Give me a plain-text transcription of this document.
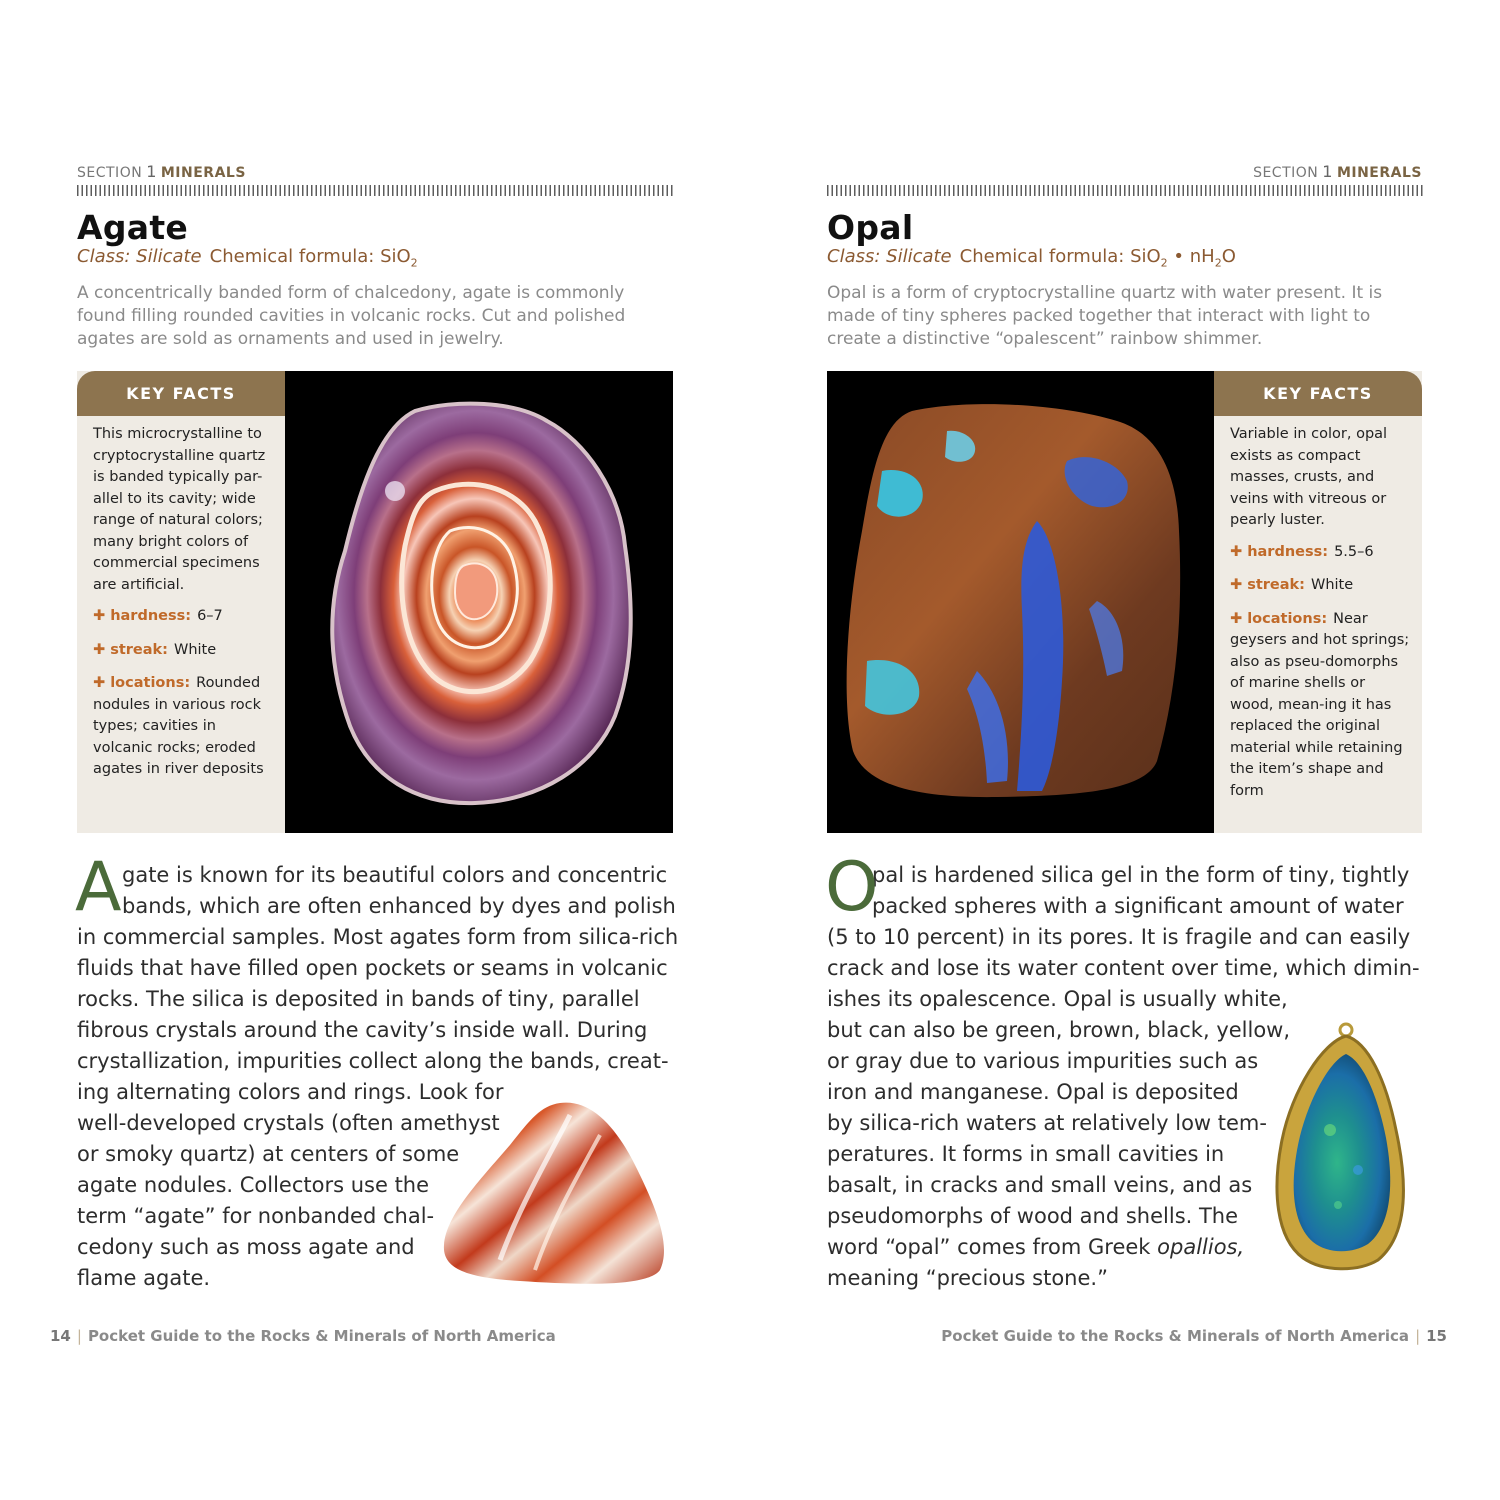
SECTION 1 MINERALS
Agate
Class: Silicate Chemical formula: SiO$_2$
A concentrically banded form of chalcedony, agate is commonly found filling rounded cavities in volcanic rocks. Cut and polished agates are sold as ornaments and used in jewelry.
KEY FACTS

This microcrystalline to cryptocrystalline quartz is banded typically par-allel to its cavity; wide range of natural colors; many bright colors of commercial specimens are artificial.

✚ hardness: 6–7

✚ streak: White

✚ locations: Rounded nodules in various rock types; cavities in volcanic rocks; eroded agates in river deposits

A gate is known for its beautiful colors and concentric
bands, which are often enhanced by dyes and polish
in commercial samples. Most agates form from silica-rich
fluids that have filled open pockets or seams in volcanic
rocks. The silica is deposited in bands of tiny, parallel
fibrous crystals around the cavity’s inside wall. During
crystallization, impurities collect along the bands, creat-
ing alternating colors and rings. Look for
well-developed crystals (often amethyst
or smoky quartz) at centers of some
agate nodules. Collectors use the
term “agate” for nonbanded chal-
cedony such as moss agate and
flame agate.
14 | Pocket Guide to the Rocks & Minerals of North America
SECTION 1 MINERALS
Opal
Class: Silicate Chemical formula: SiO$_2$ • $nH_2O$
Opal is a form of cryptocrystalline quartz with water present. It is made of tiny spheres packed together that interact with light to create a distinctive “opalescent” rainbow shimmer.
KEY FACTS

Variable in color, opal exists as compact masses, crusts, and veins with vitreous or pearly luster.

✚ hardness: 5.5–6

✚ streak: White

✚ locations: Near geysers and hot springs; also as pseu-domorphs of marine shells or wood, mean-ing it has replaced the original material while retaining the item’s shape and form

O
pal is hardened silica gel in the form of tiny, tightly
packed spheres with a significant amount of water
(5 to 10 percent) in its pores. It is fragile and can easily
crack and lose its water content over time, which dimin-
ishes its opalescence. Opal is usually white,
but can also be green, brown, black, yellow,
or gray due to various impurities such as
iron and manganese. Opal is deposited
by silica-rich waters at relatively low tem-
peratures. It forms in small cavities in
basalt, in cracks and small veins, and as
pseudomorphs of wood and shells. The
word “opal” comes from Greek opallios,
meaning “precious stone.”
Pocket Guide to the Rocks & Minerals of North America | 15
